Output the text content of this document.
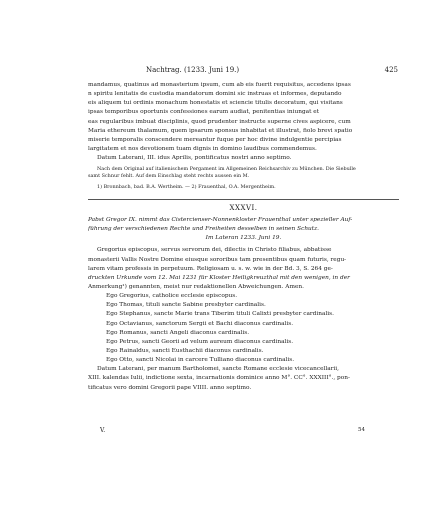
Nachtrag. (1233. Juni 19.)	425
mandamus, quatinus ad monasterium ipsum, cum ab eis fuerit requisitus, accedens ipsas
n spiritu lenitatis de custodia mandatorum domini sic instruas et informes, deputando
eis aliquem tui ordinis monachum honestatis et sciencie titulis decoratum, qui visitans
ipsas temporibus oportunis confessiones earum audiat, penitentias iniungat et
eas regularibus imbuat disciplinis, quod prudenter instructe superne cives aspicere, cum
Maria ethereum thalamum, quem ipsarum sponsus inhabitat et illustrat, fiolo brevi spatio
miserie temporalis conscendere mereantur fuque per hoc divine indulgentie percipias
largitatem et nos devotionem tuam dignis in domino laudibus commendemus.
Datum Laterani, III. idus Aprilis, pontificatus nostri anno septimo.
Nach dem Original auf italienischem Pergament im Allgemeinen Reichsarchiv zu München. Die Siebulle
samt Schnur fehlt. Auf dem Einschlag steht rechts aussen ein M.
1) Bronnbach, bad. B.A. Wertheim. — 2) Frauenthal, O.A. Mergentheim.
XXXVI.
Pabst Gregor IX. nimmt das Cistercienser-Nonnenkloster Frauenthal unter spezieller Auf-
führung der verschiedenen Rechte und Freiheiten desselben in seinen Schutz.
Im Lateran 1233. Juni 19.
Gregorius episcopus, servus servorum dei, dilectis in Christo filiabus, abbatisse
monasterii Vallis Nostre Domine eiusque sororibus tam presentibus quam futuris, regu-
larem vitam professis in perpetuum. Religiosam u. s. w. wie in der Bd. 3, S. 264 ge-
druckten Urkunde vom 12. Mai 1231 für Kloster Heiligkreuzthal mit den wenigen, in der
Anmerkung¹) genannten, meist nur redaktionellen Abweichungen. Amen.
Ego Gregorius, catholice ecclesie episcopus.
Ego Thomas, tituli sancte Sabine presbyter cardinalis.
Ego Stephanus, sancte Marie trans Tiberim tituli Calixti presbyter cardinalis.
Ego Octavianus, sanctorum Sergii et Bachi diaconus cardinalis.
Ego Romanus, sancti Angeli diaconus cardinalis.
Ego Petrus, sancti Georii ad velum aureum diaconus cardinalis.
Ego Rainaldus, sancti Eusthachii diaconus cardinalis.
Ego Otto, sancti Nicolai in carcere Tulliano diaconus cardinalis.
Datum Laterani, per manum Bartholomei, sancte Romane ecclesie vicecancellarii,
XIII. kalendas Iulii, indictione sexta, incarnationis dominice anno M°. CC°. XXXIII°., pon-
tificatus vero domini Gregorii pape VIIII. anno septimo.
V.	54
